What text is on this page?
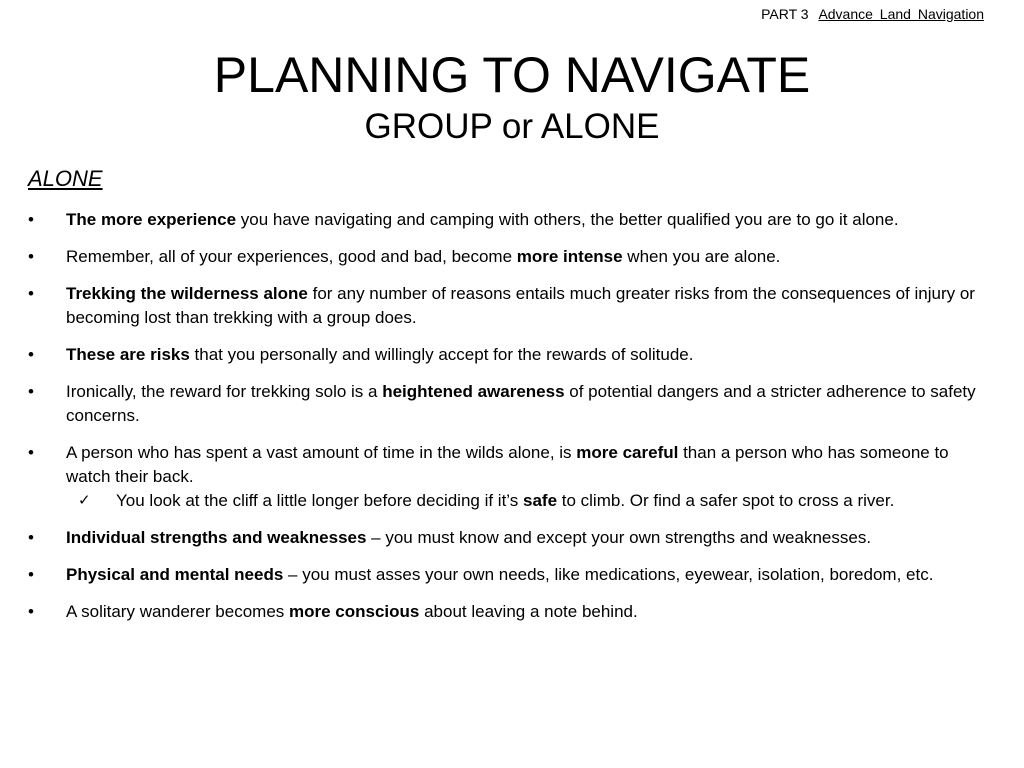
PART 3 Advance Land Navigation
PLANNING TO NAVIGATE
GROUP or ALONE
ALONE
• The more experience you have navigating and camping with others, the better qualified you are to go it alone.
• Remember, all of your experiences, good and bad, become more intense when you are alone.
• Trekking the wilderness alone for any number of reasons entails much greater risks from the consequences of injury or becoming lost than trekking with a group does.
• These are risks that you personally and willingly accept for the rewards of solitude.
• Ironically, the reward for trekking solo is a heightened awareness of potential dangers and a stricter adherence to safety concerns.
• A person who has spent a vast amount of time in the wilds alone, is more careful than a person who has someone to watch their back.
✓ You look at the cliff a little longer before deciding if it’s safe to climb. Or find a safer spot to cross a river.
• Individual strengths and weaknesses – you must know and except your own strengths and weaknesses.
• Physical and mental needs – you must asses your own needs, like medications, eyewear, isolation, boredom, etc.
• A solitary wanderer becomes more conscious about leaving a note behind.
